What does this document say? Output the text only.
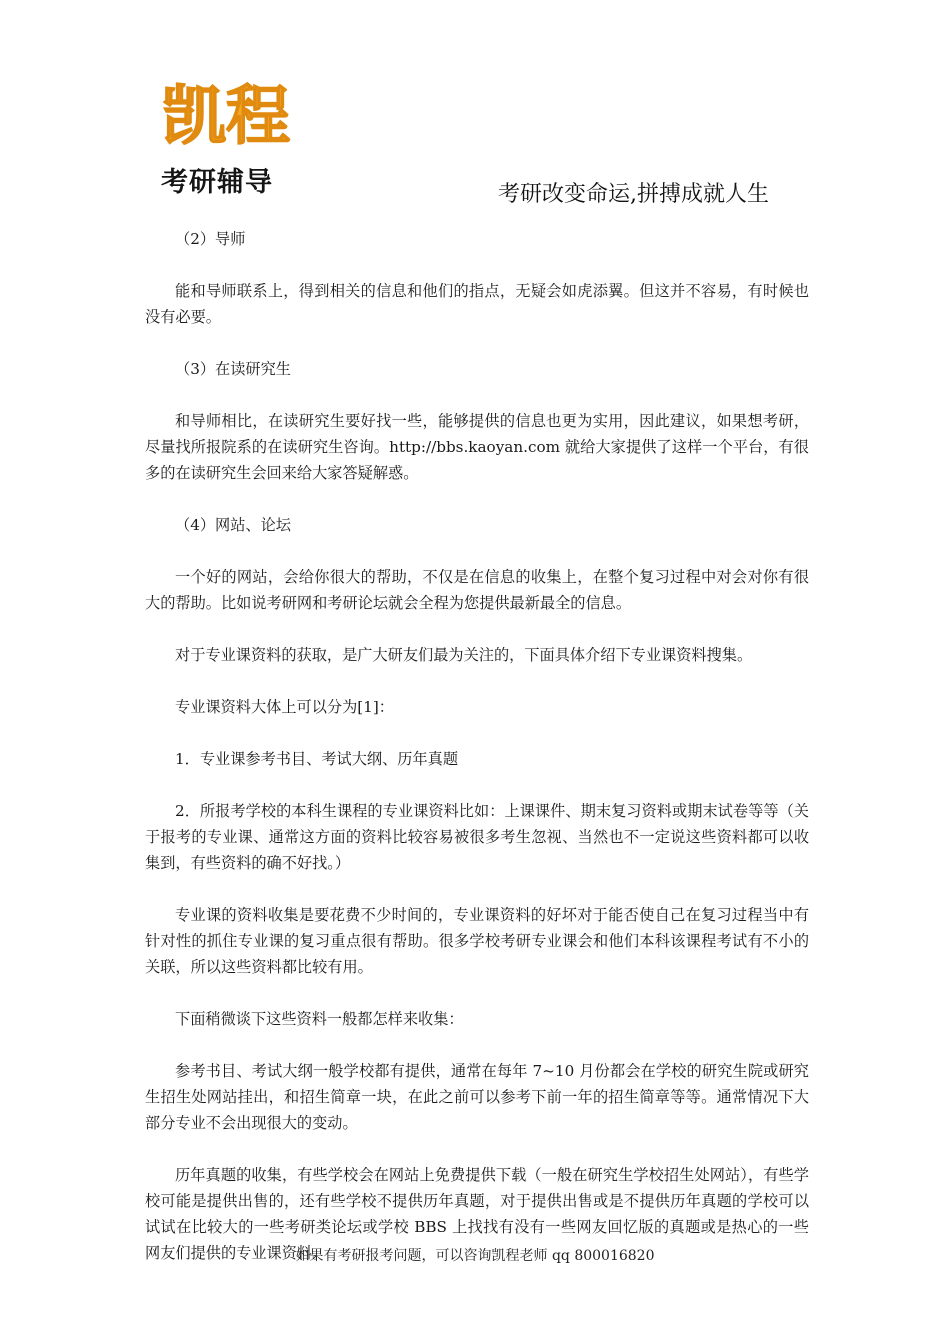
凯程
考研辅导	考研改变命运,拼搏成就人生

（2）导师

能和导师联系上，得到相关的信息和他们的指点，无疑会如虎添翼。但这并不容易，有时候也没有必要。

（3）在读研究生

和导师相比，在读研究生要好找一些，能够提供的信息也更为实用，因此建议，如果想考研，尽量找所报院系的在读研究生咨询。http://bbs.kaoyan.com 就给大家提供了这样一个平台，有很多的在读研究生会回来给大家答疑解惑。

（4）网站、论坛

一个好的网站，会给你很大的帮助，不仅是在信息的收集上，在整个复习过程中对会对你有很大的帮助。比如说考研网和考研论坛就会全程为您提供最新最全的信息。

对于专业课资料的获取，是广大研友们最为关注的，下面具体介绍下专业课资料搜集。

专业课资料大体上可以分为[1]：

1．专业课参考书目、考试大纲、历年真题

2．所报考学校的本科生课程的专业课资料比如：上课课件、期末复习资料或期末试卷等等（关于报考的专业课、通常这方面的资料比较容易被很多考生忽视、当然也不一定说这些资料都可以收集到，有些资料的确不好找。）

专业课的资料收集是要花费不少时间的，专业课资料的好坏对于能否使自己在复习过程当中有针对性的抓住专业课的复习重点很有帮助。很多学校考研专业课会和他们本科该课程考试有不小的关联，所以这些资料都比较有用。

下面稍微谈下这些资料一般都怎样来收集：

参考书目、考试大纲一般学校都有提供，通常在每年 7~10 月份都会在学校的研究生院或研究生招生处网站挂出，和招生简章一块，在此之前可以参考下前一年的招生简章等等。通常情况下大部分专业不会出现很大的变动。

历年真题的收集，有些学校会在网站上免费提供下载（一般在研究生学校招生处网站），有些学校可能是提供出售的，还有些学校不提供历年真题，对于提供出售或是不提供历年真题的学校可以试试在比较大的一些考研类论坛或学校 BBS 上找找有没有一些网友回忆版的真题或是热心的一些网友们提供的专业课资料。

如果有考研报考问题，可以咨询凯程老师 qq 800016820
